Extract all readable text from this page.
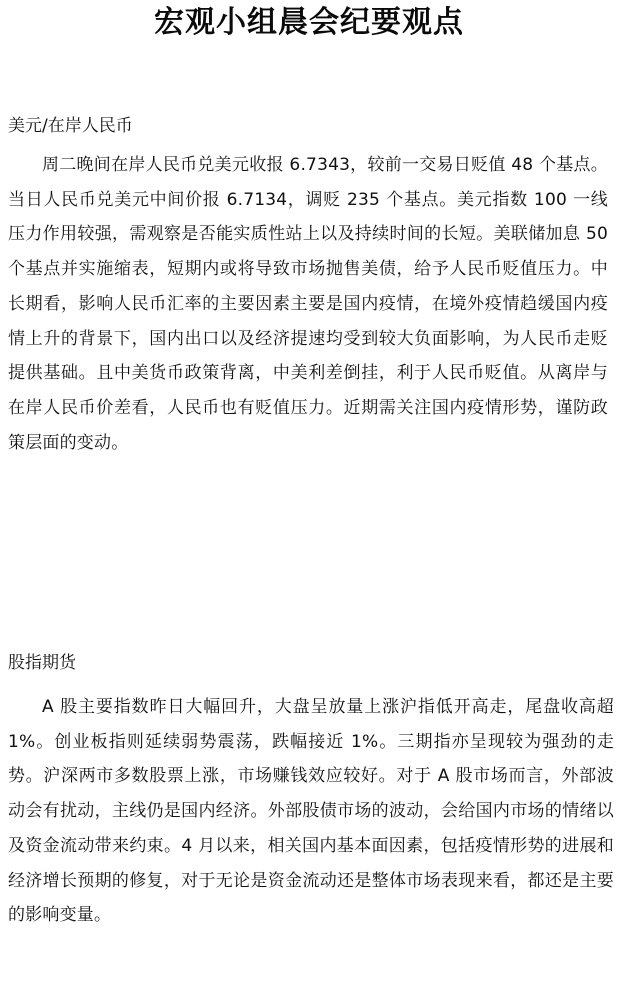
宏观小组晨会纪要观点
美元/在岸人民币

周二晚间在岸人民币兑美元收报 6.7343，较前一交易日贬值 48 个基点。当日人民币兑美元中间价报 6.7134，调贬 235 个基点。美元指数 100 一线压力作用较强，需观察是否能实质性站上以及持续时间的长短。美联储加息 50 个基点并实施缩表，短期内或将导致市场抛售美债，给予人民币贬值压力。中长期看，影响人民币汇率的主要因素主要是国内疫情，在境外疫情趋缓国内疫情上升的背景下，国内出口以及经济提速均受到较大负面影响，为人民币走贬提供基础。且中美货币政策背离，中美利差倒挂，利于人民币贬值。从离岸与在岸人民币价差看，人民币也有贬值压力。近期需关注国内疫情形势，谨防政策层面的变动。

股指期货

A 股主要指数昨日大幅回升，大盘呈放量上涨沪指低开高走，尾盘收高超 1%。创业板指则延续弱势震荡，跌幅接近 1%。三期指亦呈现较为强劲的走势。沪深两市多数股票上涨，市场赚钱效应较好。对于 A 股市场而言，外部波动会有扰动，主线仍是国内经济。外部股债市场的波动，会给国内市场的情绪以及资金流动带来约束。4 月以来，相关国内基本面因素，包括疫情形势的进展和经济增长预期的修复，对于无论是资金流动还是整体市场表现来看，都还是主要的影响变量。
